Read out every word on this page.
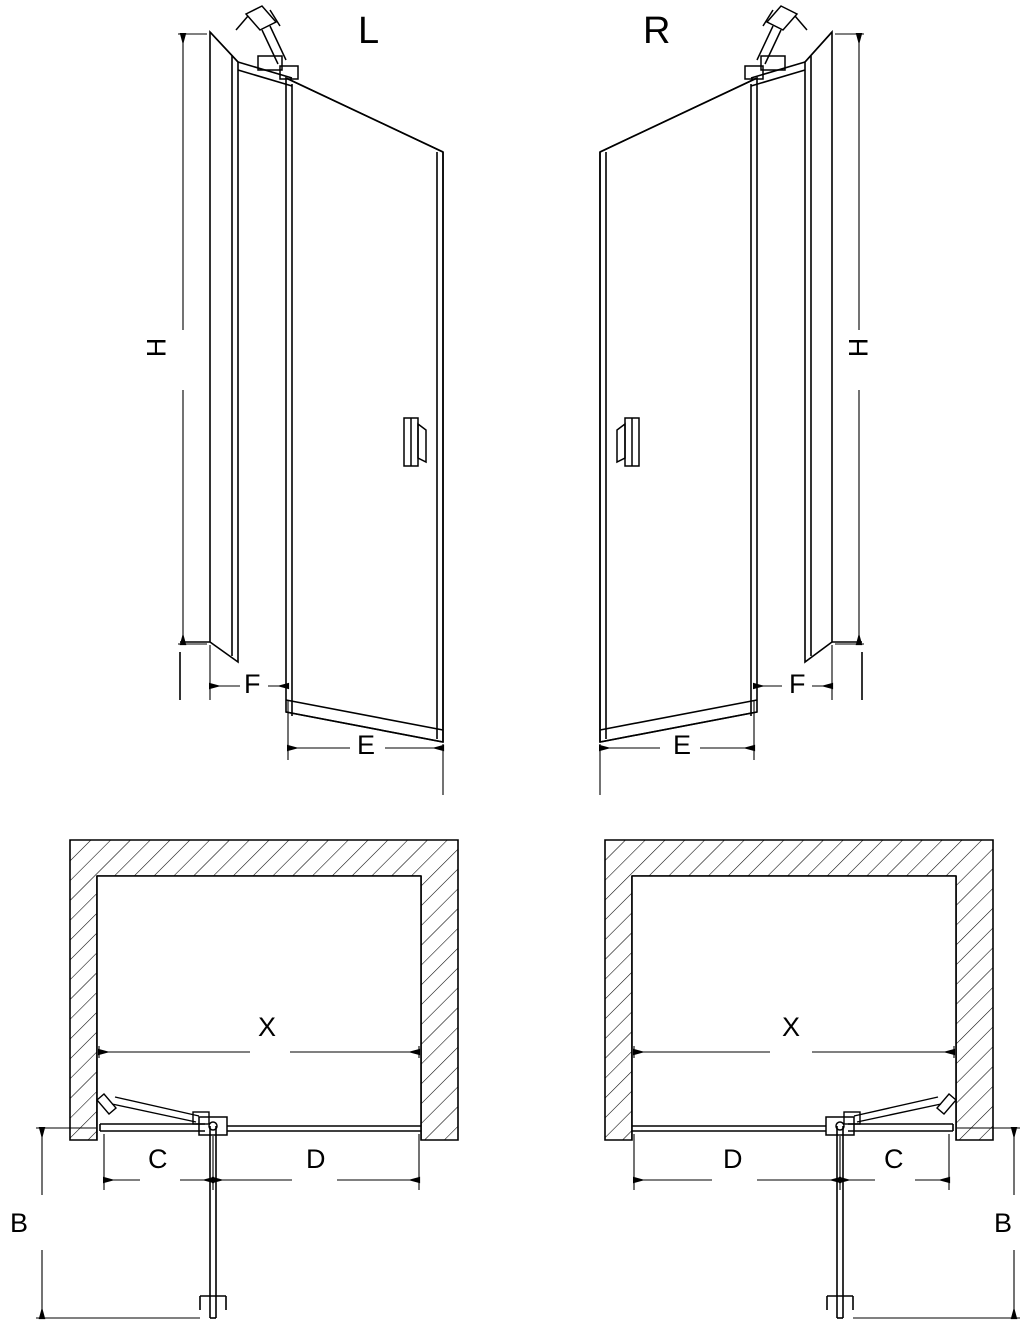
L	R
H
F
E
H
E
F
X
C	D
B
X
D	C
B
